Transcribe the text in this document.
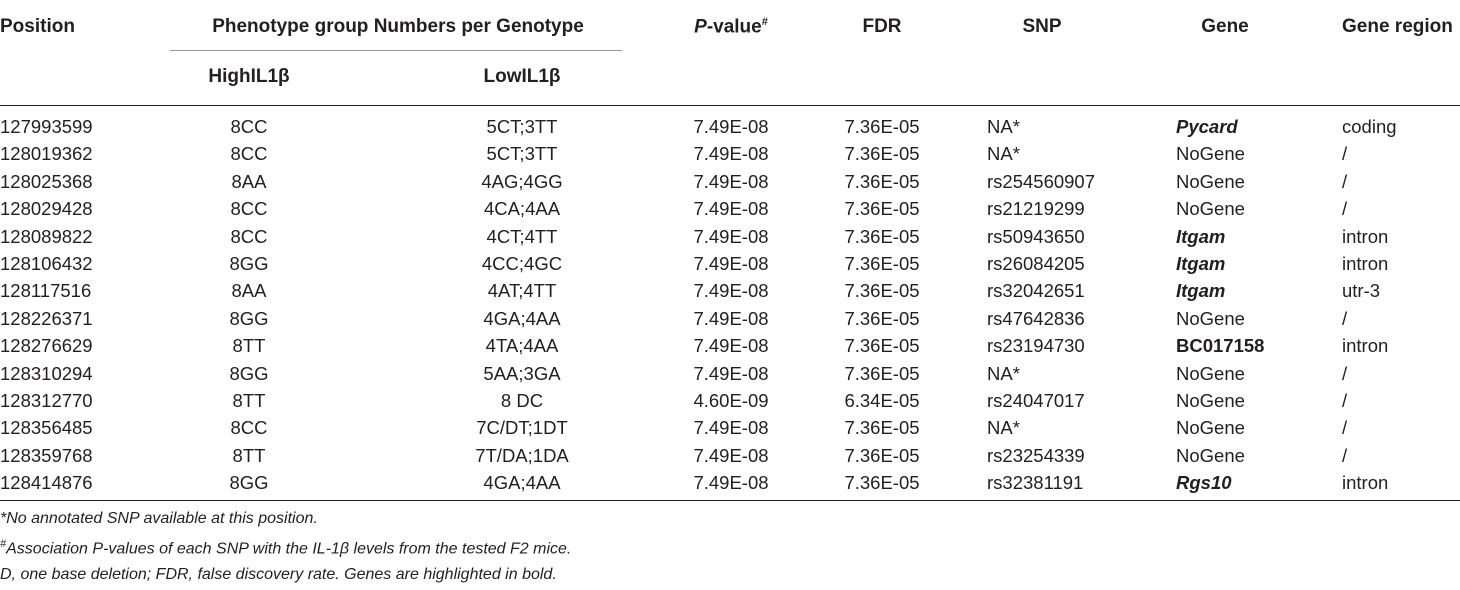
Position	Phenotype group Numbers per Genotype
HighIL1β	LowIL1β
P-value#	FDR	SNP	Gene	Gene region
127993599	8CC	5CT;3TT	7.49E-08	7.36E-05	NA*	Pycard	coding
128019362	8CC	5CT;3TT	7.49E-08	7.36E-05	NA*	NoGene	/
128025368	8AA	4AG;4GG	7.49E-08	7.36E-05	rs254560907	NoGene	/
128029428	8CC	4CA;4AA	7.49E-08	7.36E-05	rs21219299	NoGene	/
128089822	8CC	4CT;4TT	7.49E-08	7.36E-05	rs50943650	Itgam	intron
128106432	8GG	4CC;4GC	7.49E-08	7.36E-05	rs26084205	Itgam	intron
128117516	8AA	4AT;4TT	7.49E-08	7.36E-05	rs32042651	Itgam	utr-3
128226371	8GG	4GA;4AA	7.49E-08	7.36E-05	rs47642836	NoGene	/
128276629	8TT	4TA;4AA	7.49E-08	7.36E-05	rs23194730	BC017158	intron
128310294	8GG	5AA;3GA	7.49E-08	7.36E-05	NA*	NoGene	/
128312770	8TT	8 DC	4.60E-09	6.34E-05	rs24047017	NoGene	/
128356485	8CC	7C/DT;1DT	7.49E-08	7.36E-05	NA*	NoGene	/
128359768	8TT	7T/DA;1DA	7.49E-08	7.36E-05	rs23254339	NoGene	/
128414876	8GG	4GA;4AA	7.49E-08	7.36E-05	rs32381191	Rgs10	intron
*No annotated SNP available at this position.
#Association P-values of each SNP with the IL-1β levels from the tested F2 mice.
D, one base deletion; FDR, false discovery rate. Genes are highlighted in bold.
